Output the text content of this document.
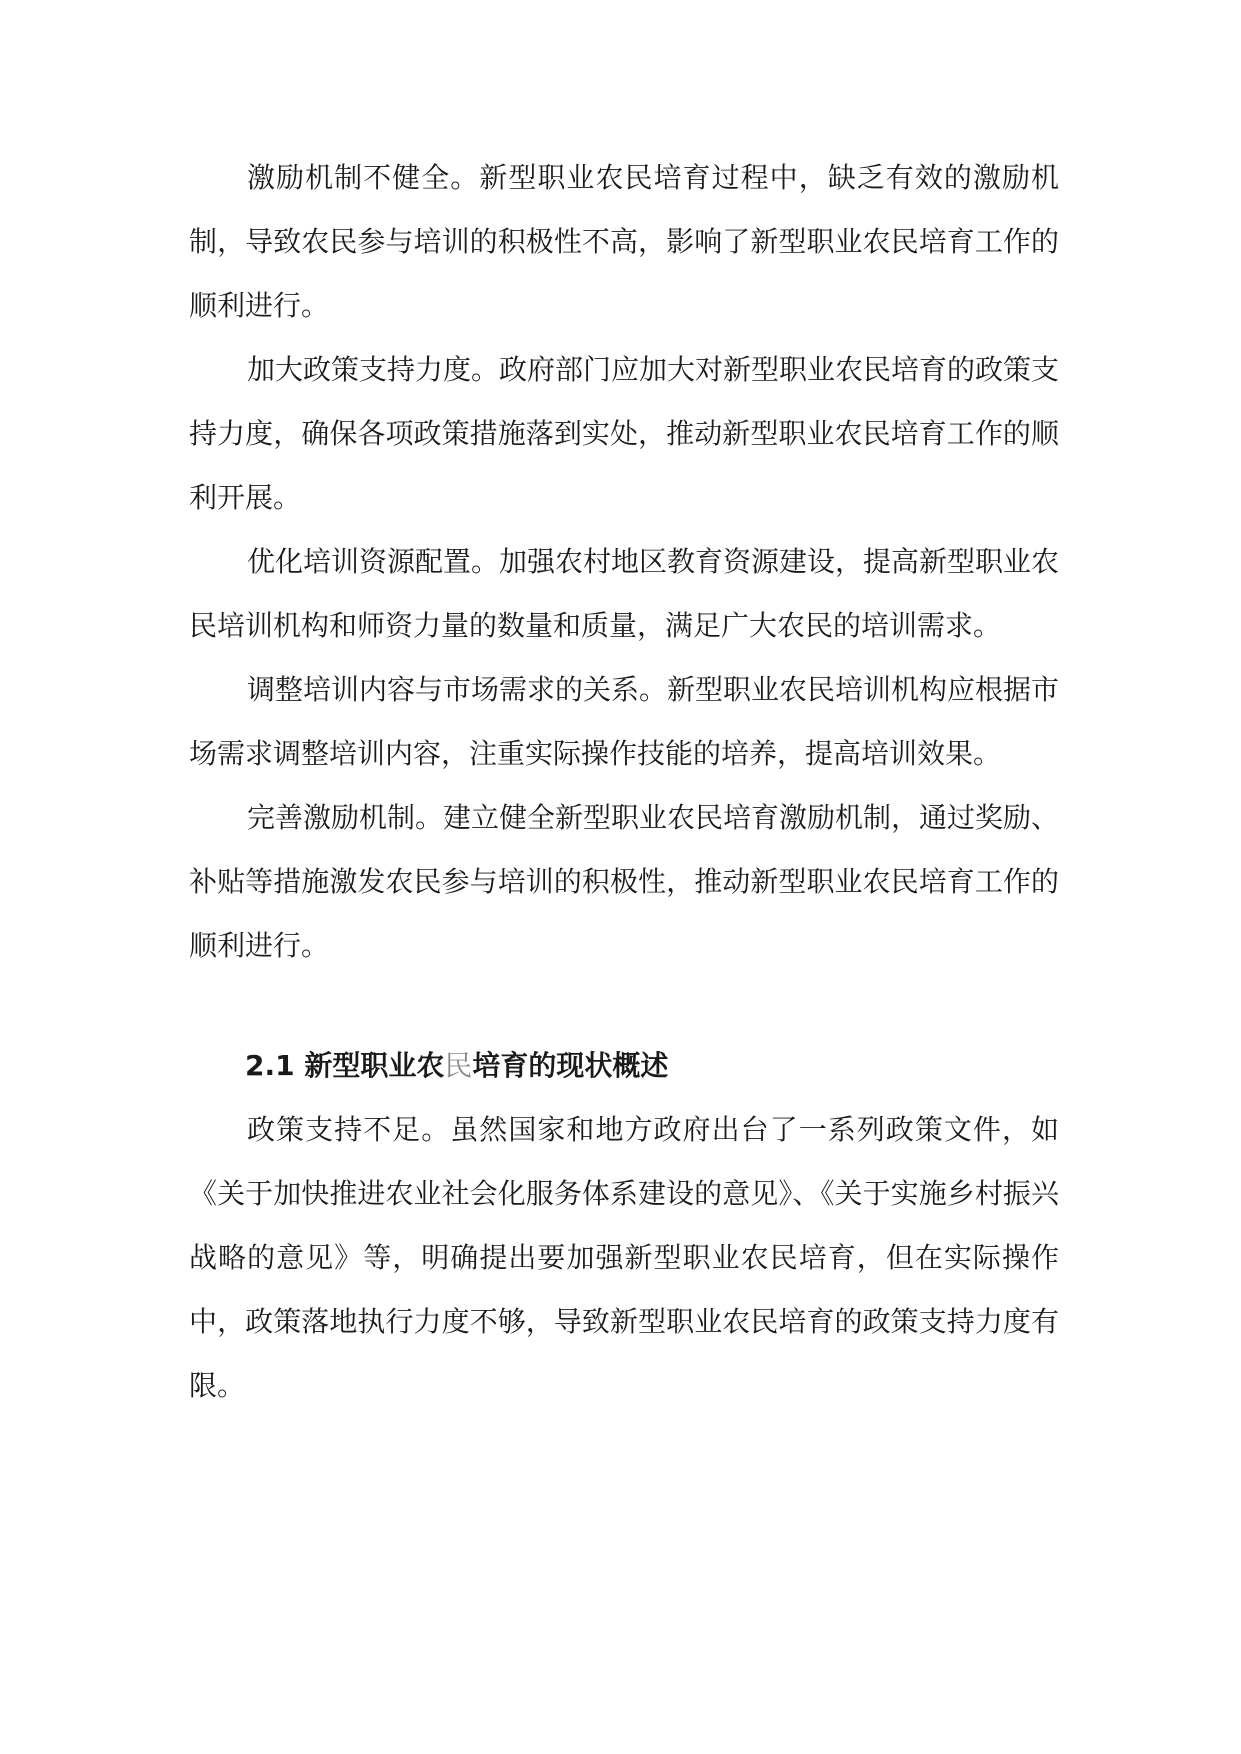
激励机制不健全。新型职业农民培育过程中，缺乏有效的激励机制，导致农民参与培训的积极性不高，影响了新型职业农民培育工作的顺利进行。

加大政策支持力度。政府部门应加大对新型职业农民培育的政策支持力度，确保各项政策措施落到实处，推动新型职业农民培育工作的顺利开展。

优化培训资源配置。加强农村地区教育资源建设，提高新型职业农民培训机构和师资力量的数量和质量，满足广大农民的培训需求。

调整培训内容与市场需求的关系。新型职业农民培训机构应根据市场需求调整培训内容，注重实际操作技能的培养，提高培训效果。

完善激励机制。建立健全新型职业农民培育激励机制，通过奖励、补贴等措施激发农民参与培训的积极性，推动新型职业农民培育工作的顺利进行。

2.1 新型职业农民培育的现状概述

政策支持不足。虽然国家和地方政府出台了一系列政策文件，如《关于加快推进农业社会化服务体系建设的意见》、《关于实施乡村振兴战略的意见》等，明确提出要加强新型职业农民培育，但在实际操作中，政策落地执行力度不够，导致新型职业农民培育的政策支持力度有限。
